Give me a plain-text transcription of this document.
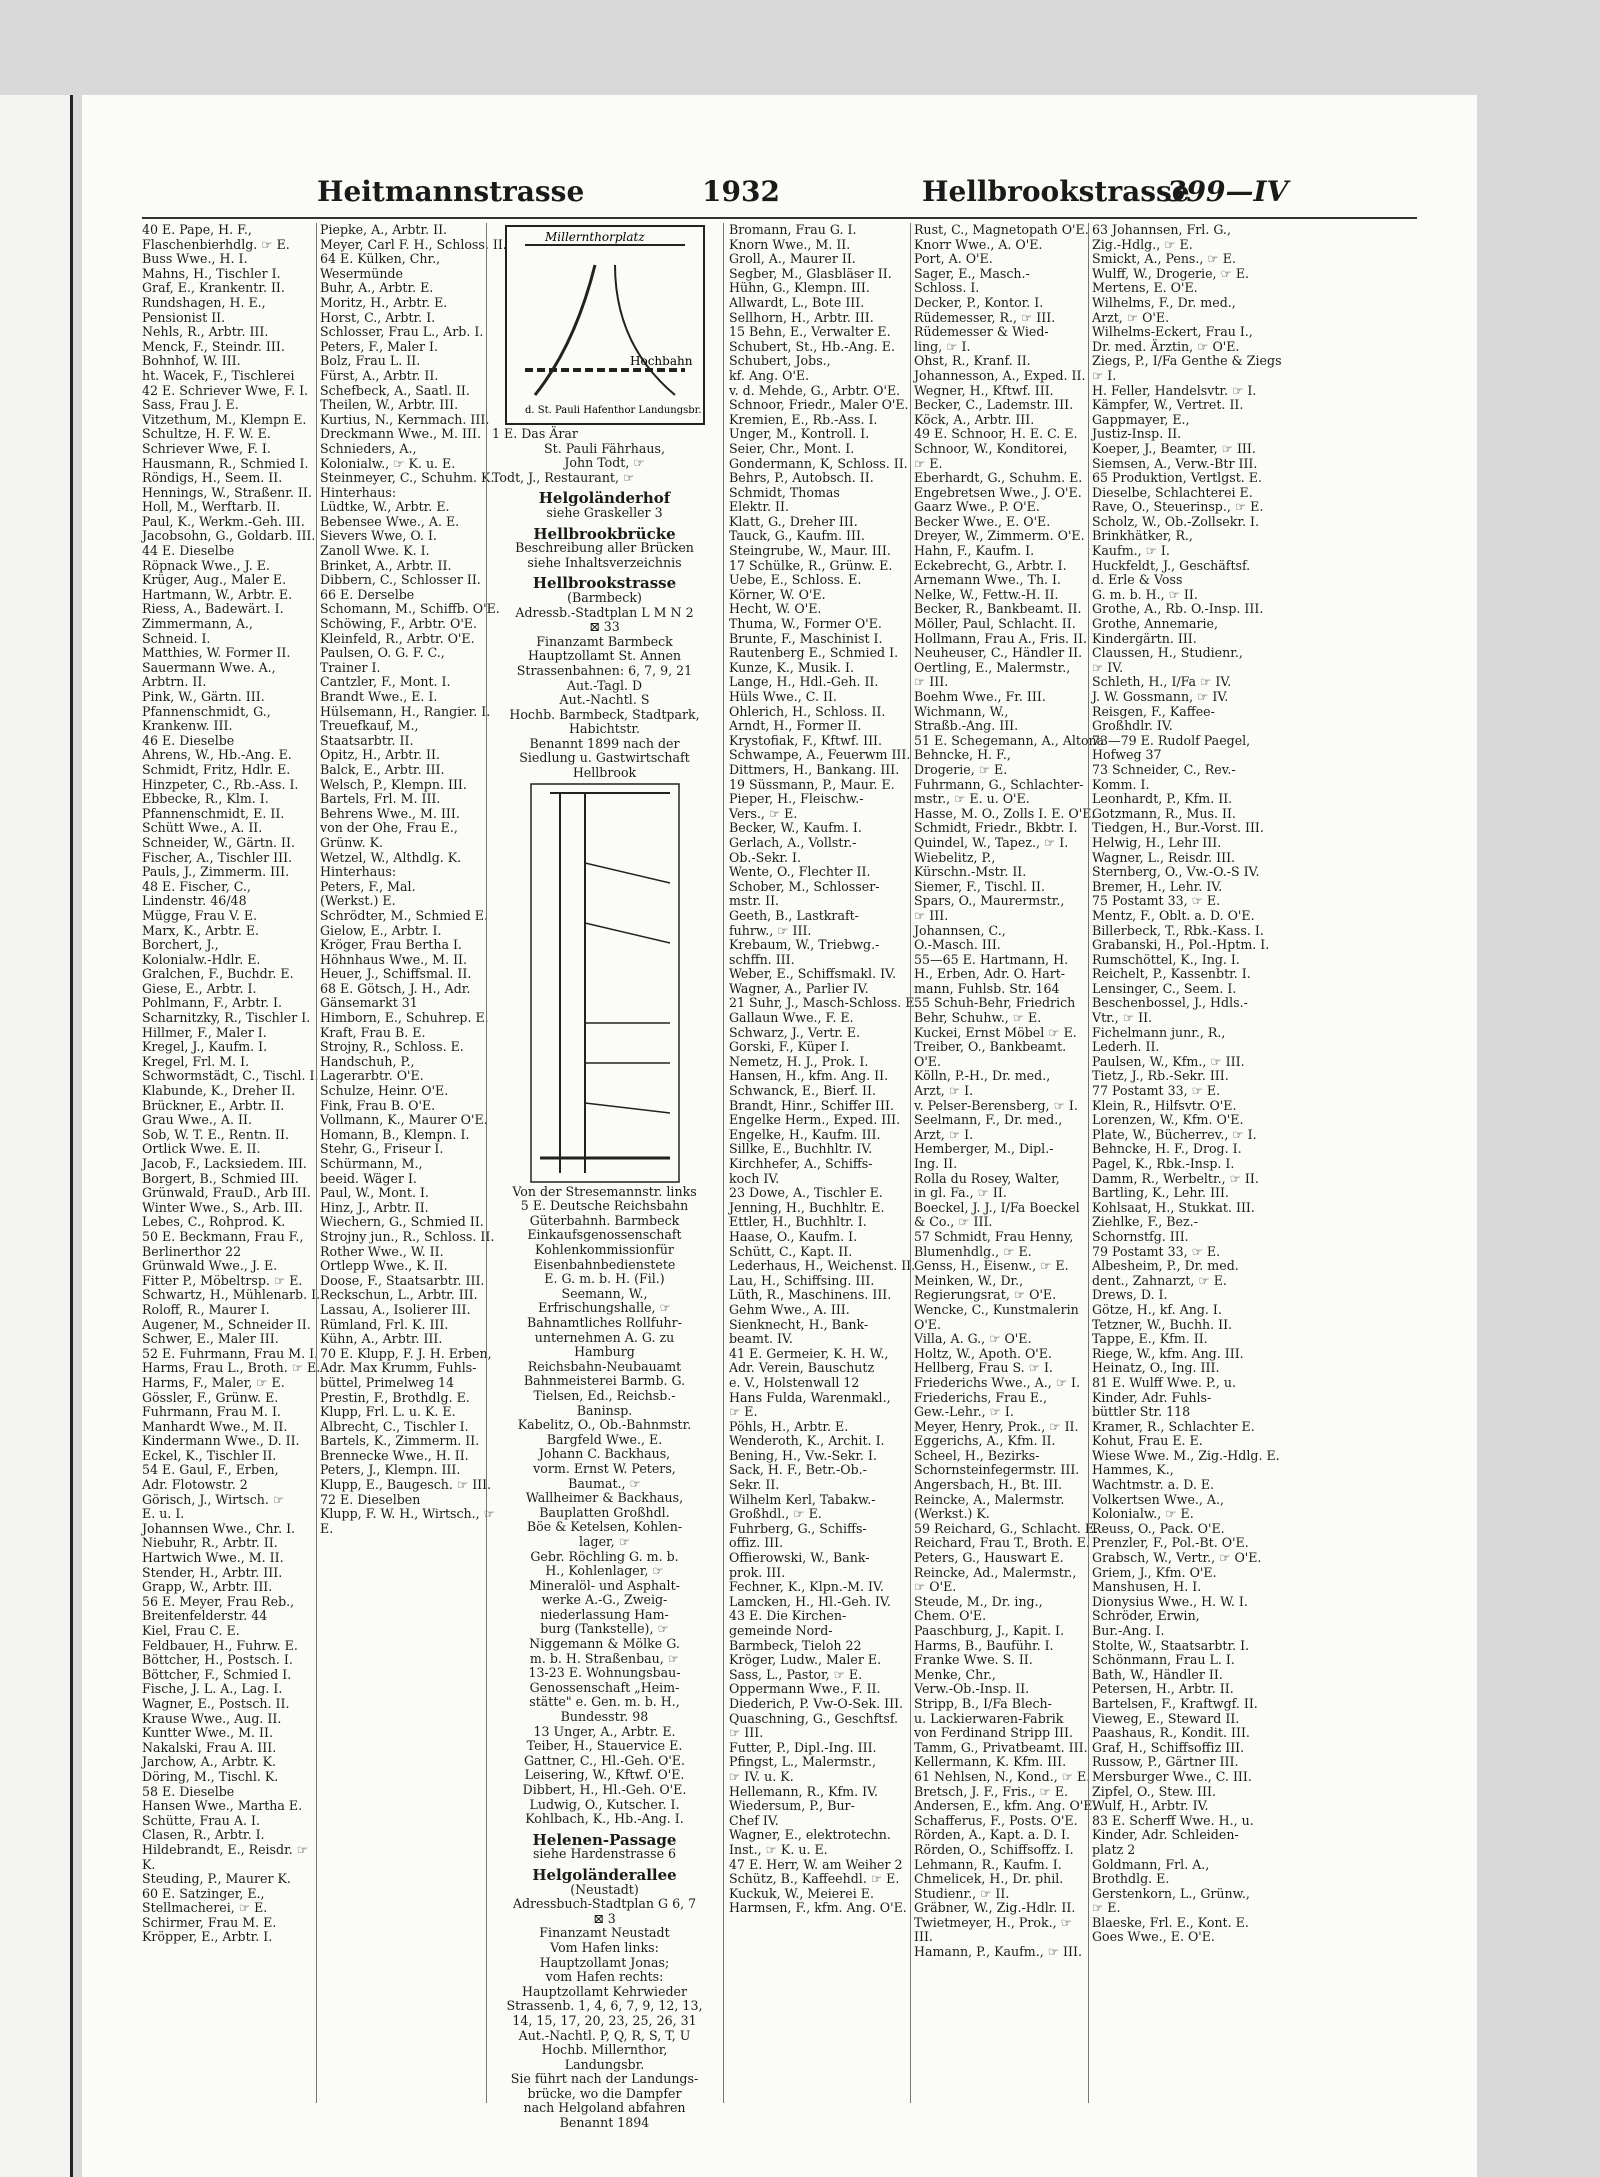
Heitmannstrasse	1932	Hellbrookstrasse
399—IV
40 E. Pape, H. F.,
Flaschenbierhdlg. ☞ E.
Buss Wwe., H. I.
Mahns, H., Tischler I.
Graf, E., Krankentr. II.
Rundshagen, H. E.,
Pensionist II.
Nehls, R., Arbtr. III.
Menck, F., Steindr. III.
Bohnhof, W. III.
ht. Wacek, F., Tischlerei
42 E. Schriever Wwe, F. I.
Sass, Frau J. E.
Vitzethum, M., Klempn E.
Schultze, H. F. W. E.
Schriever Wwe, F. I.
Hausmann, R., Schmied I.
Röndigs, H., Seem. II.
Hennings, W., Straßenr. II.
Holl, M., Werftarb. II.
Paul, K., Werkm.-Geh. III.
Jacobsohn, G., Goldarb. III.
44 E. Dieselbe
Röpnack Wwe., J. E.
Krüger, Aug., Maler E.
Hartmann, W., Arbtr. E.
Riess, A., Badewärt. I.
Zimmermann, A.,
Schneid. I.
Matthies, W. Former II.
Sauermann Wwe. A.,
Arbtrn. II.
Pink, W., Gärtn. III.
Pfannenschmidt, G.,
Krankenw. III.
46 E. Dieselbe
Ahrens, W., Hb.-Ang. E.
Schmidt, Fritz, Hdlr. E.
Hinzpeter, C., Rb.-Ass. I.
Ebbecke, R., Klm. I.
Pfannenschmidt, E. II.
Schütt Wwe., A. II.
Schneider, W., Gärtn. II.
Fischer, A., Tischler III.
Pauls, J., Zimmerm. III.
48 E. Fischer, C.,
Lindenstr. 46/48
Mügge, Frau V. E.
Marx, K., Arbtr. E.
Borchert, J.,
Kolonialw.-Hdlr. E.
Gralchen, F., Buchdr. E.
Giese, E., Arbtr. I.
Pohlmann, F., Arbtr. I.
Scharnitzky, R., Tischler I.
Hillmer, F., Maler I.
Kregel, J., Kaufm. I.
Kregel, Frl. M. I.
Schwormstädt, C., Tischl. I.
Klabunde, K., Dreher II.
Brückner, E., Arbtr. II.
Grau Wwe., A. II.
Sob, W. T. E., Rentn. II.
Ortlick Wwe. E. II.
Jacob, F., Lacksiedem. III.
Borgert, B., Schmied III.
Grünwald, FrauD., Arb III.
Winter Wwe., S., Arb. III.
Lebes, C., Rohprod. K.
50 E. Beckmann, Frau F.,
Berlinerthor 22
Grünwald Wwe., J. E.
Fitter P., Möbeltrsp. ☞ E.
Schwartz, H., Mühlenarb. I.
Roloff, R., Maurer I.
Augener, M., Schneider II.
Schwer, E., Maler III.
52 E. Fuhrmann, Frau M. I.
Harms, Frau L., Broth. ☞ E.
Harms, F., Maler, ☞ E.
Gössler, F., Grünw. E.
Fuhrmann, Frau M. I.
Manhardt Wwe., M. II.
Kindermann Wwe., D. II.
Eckel, K., Tischler II.
54 E. Gaul, F., Erben,
Adr. Flotowstr. 2
Görisch, J., Wirtsch. ☞
E. u. I.
Johannsen Wwe., Chr. I.
Niebuhr, R., Arbtr. II.
Hartwich Wwe., M. II.
Stender, H., Arbtr. III.
Grapp, W., Arbtr. III.
56 E. Meyer, Frau Reb.,
Breitenfelderstr. 44
Kiel, Frau C. E.
Feldbauer, H., Fuhrw. E.
Böttcher, H., Postsch. I.
Böttcher, F., Schmied I.
Fische, J. L. A., Lag. I.
Wagner, E., Postsch. II.
Krause Wwe., Aug. II.
Kuntter Wwe., M. II.
Nakalski, Frau A. III.
Jarchow, A., Arbtr. K.
Döring, M., Tischl. K.
58 E. Dieselbe
Hansen Wwe., Martha E.
Schütte, Frau A. I.
Clasen, R., Arbtr. I.
Hildebrandt, E., Reisdr. ☞
K.
Steuding, P., Maurer K.
60 E. Satzinger, E.,
Stellmacherei, ☞ E.
Schirmer, Frau M. E.
Kröpper, E., Arbtr. I.
Piepke, A., Arbtr. II.
Meyer, Carl F. H., Schloss. II.
64 E. Külken, Chr.,
Wesermünde
Buhr, A., Arbtr. E.
Moritz, H., Arbtr. E.
Horst, C., Arbtr. I.
Schlosser, Frau L., Arb. I.
Peters, F., Maler I.
Bolz, Frau L. II.
Fürst, A., Arbtr. II.
Schefbeck, A., Saatl. II.
Theilen, W., Arbtr. III.
Kurtius, N., Kernmach. III.
Dreckmann Wwe., M. III.
Schnieders, A.,
Kolonialw., ☞ K. u. E.
Steinmeyer, C., Schuhm. K.
Hinterhaus:
Lüdtke, W., Arbtr. E.
Bebensee Wwe., A. E.
Sievers Wwe, O. I.
Zanoll Wwe. K. I.
Brinket, A., Arbtr. II.
Dibbern, C., Schlosser II.
66 E. Derselbe
Schomann, M., Schiffb. O'E.
Schöwing, F., Arbtr. O'E.
Kleinfeld, R., Arbtr. O'E.
Paulsen, O. G. F. C.,
Trainer I.
Cantzler, F., Mont. I.
Brandt Wwe., E. I.
Hülsemann, H., Rangier. I.
Treuefkauf, M.,
Staatsarbtr. II.
Opitz, H., Arbtr. II.
Balck, E., Arbtr. III.
Welsch, P., Klempn. III.
Bartels, Frl. M. III.
Behrens Wwe., M. III.
von der Ohe, Frau E.,
Grünw. K.
Wetzel, W., Althdlg. K.
Hinterhaus:
Peters, F., Mal.
(Werkst.) E.
Schrödter, M., Schmied E.
Gielow, E., Arbtr. I.
Kröger, Frau Bertha I.
Höhnhaus Wwe., M. II.
Heuer, J., Schiffsmal. II.
68 E. Götsch, J. H., Adr.
Gänsemarkt 31
Himborn, E., Schuhrep. E.
Kraft, Frau B. E.
Strojny, R., Schloss. E.
Handschuh, P.,
Lagerarbtr. O'E.
Schulze, Heinr. O'E.
Fink, Frau B. O'E.
Vollmann, K., Maurer O'E.
Homann, B., Klempn. I.
Stehr, G., Friseur I.
Schürmann, M.,
beeid. Wäger I.
Paul, W., Mont. I.
Hinz, J., Arbtr. II.
Wiechern, G., Schmied II.
Strojny jun., R., Schloss. II.
Rother Wwe., W. II.
Ortlepp Wwe., K. II.
Doose, F., Staatsarbtr. III.
Reckschun, L., Arbtr. III.
Lassau, A., Isolierer III.
Rümland, Frl. K. III.
Kühn, A., Arbtr. III.
70 E. Klupp, F. J. H. Erben,
Adr. Max Krumm, Fuhls-
büttel, Primelweg 14
Prestin, F., Brothdlg. E.
Klupp, Frl. L. u. K. E.
Albrecht, C., Tischler I.
Bartels, K., Zimmerm. II.
Brennecke Wwe., H. II.
Peters, J., Klempn. III.
Klupp, E., Baugesch. ☞ III.
72 E. Dieselben
Klupp, F. W. H., Wirtsch., ☞
E.
Millernthorplatz
Hochbahn
d. St. Pauli Hafenthor Landungsbr.
1 E. Das Ärar
St. Pauli Fährhaus,
John Todt, ☞
Todt, J., Restaurant, ☞
Helgoländerhof
siehe Graskeller 3
Hellbrookbrücke
Beschreibung aller Brücken
siehe Inhaltsverzeichnis
Hellbrookstrasse
(Barmbeck)
Adressb.-Stadtplan L M N 2
⊠ 33
Finanzamt Barmbeck
Hauptzollamt St. Annen
Strassenbahnen: 6, 7, 9, 21
Aut.-Tagl. D
Aut.-Nachtl. S
Hochb. Barmbeck, Stadtpark,
Habichtstr.
Benannt 1899 nach der
Siedlung u. Gastwirtschaft
Hellbrook
Von der Stresemannstr. links
5 E. Deutsche Reichsbahn
Güterbahnh. Barmbeck
Einkaufsgenossenschaft
Kohlenkommissionfür
Eisenbahnbedienstete
E. G. m. b. H. (Fil.)
Seemann, W.,
Erfrischungshalle, ☞
Bahnamtliches Rollfuhr-
unternehmen A. G. zu
Hamburg
Reichsbahn-Neubauamt
Bahnmeisterei Barmb. G.
Tielsen, Ed., Reichsb.-
Baninsp.
Kabelitz, O., Ob.-Bahnmstr.
Bargfeld Wwe., E.
Johann C. Backhaus,
vorm. Ernst W. Peters,
Baumat., ☞
Wallheimer & Backhaus,
Bauplatten Großhdl.
Böe & Ketelsen, Kohlen-
lager, ☞
Gebr. Röchling G. m. b.
H., Kohlenlager, ☞
Mineralöl- und Asphalt-
werke A.-G., Zweig-
niederlassung Ham-
burg (Tankstelle), ☞
Niggemann & Mölke G.
m. b. H. Straßenbau, ☞
13-23 E. Wohnungsbau-
Genossenschaft „Heim-
stätte" e. Gen. m. b. H.,
Bundesstr. 98
13 Unger, A., Arbtr. E.
Teiber, H., Stauervice E.
Gattner, C., Hl.-Geh. O'E.
Leisering, W., Kftwf. O'E.
Dibbert, H., Hl.-Geh. O'E.
Ludwig, O., Kutscher. I.
Kohlbach, K., Hb.-Ang. I.
Helenen-Passage
siehe Hardenstrasse 6
Helgoländerallee
(Neustadt)
Adressbuch-Stadtplan G 6, 7
⊠ 3
Finanzamt Neustadt
Vom Hafen links:
Hauptzollamt Jonas;
vom Hafen rechts:
Hauptzollamt Kehrwieder
Strassenb. 1, 4, 6, 7, 9, 12, 13,
14, 15, 17, 20, 23, 25, 26, 31
Aut.-Nachtl. P, Q, R, S, T, U
Hochb. Millernthor,
Landungsbr.
Sie führt nach der Landungs-
brücke, wo die Dampfer
nach Helgoland abfahren
Benannt 1894
Bromann, Frau G. I.
Knorn Wwe., M. II.
Groll, A., Maurer II.
Segber, M., Glasbläser II.
Hühn, G., Klempn. III.
Allwardt, L., Bote III.
Sellhorn, H., Arbtr. III.
15 Behn, E., Verwalter E.
Schubert, St., Hb.-Ang. E.
Schubert, Jobs.,
kf. Ang. O'E.
v. d. Mehde, G., Arbtr. O'E.
Schnoor, Friedr., Maler O'E.
Kremien, E., Rb.-Ass. I.
Unger, M., Kontroll. I.
Seier, Chr., Mont. I.
Gondermann, K, Schloss. II.
Behrs, P., Autobsch. II.
Schmidt, Thomas
Elektr. II.
Klatt, G., Dreher III.
Tauck, G., Kaufm. III.
Steingrube, W., Maur. III.
17 Schülke, R., Grünw. E.
Uebe, E., Schloss. E.
Körner, W. O'E.
Hecht, W. O'E.
Thuma, W., Former O'E.
Brunte, F., Maschinist I.
Rautenberg E., Schmied I.
Kunze, K., Musik. I.
Lange, H., Hdl.-Geh. II.
Hüls Wwe., C. II.
Ohlerich, H., Schloss. II.
Arndt, H., Former II.
Krystofiak, F., Kftwf. III.
Schwampe, A., Feuerwm III.
Dittmers, H., Bankang. III.
19 Süssmann, P., Maur. E.
Pieper, H., Fleischw.-
Vers., ☞ E.
Becker, W., Kaufm. I.
Gerlach, A., Vollstr.-
Ob.-Sekr. I.
Wente, O., Flechter II.
Schober, M., Schlosser-
mstr. II.
Geeth, B., Lastkraft-
fuhrw., ☞ III.
Krebaum, W., Triebwg.-
schffn. III.
Weber, E., Schiffsmakl. IV.
Wagner, A., Parlier IV.
21 Suhr, J., Masch-Schloss. E.
Gallaun Wwe., F. E.
Schwarz, J., Vertr. E.
Gorski, F., Küper I.
Nemetz, H. J., Prok. I.
Hansen, H., kfm. Ang. II.
Schwanck, E., Bierf. II.
Brandt, Hinr., Schiffer III.
Engelke Herm., Exped. III.
Engelke, H., Kaufm. III.
Sillke, E., Buchhltr. IV.
Kirchhefer, A., Schiffs-
koch IV.
23 Dowe, A., Tischler E.
Jenning, H., Buchhltr. E.
Ettler, H., Buchhltr. I.
Haase, O., Kaufm. I.
Schütt, C., Kapt. II.
Lederhaus, H., Weichenst. II.
Lau, H., Schiffsing. III.
Lüth, R., Maschinens. III.
Gehm Wwe., A. III.
Sienknecht, H., Bank-
beamt. IV.
41 E. Germeier, K. H. W.,
Adr. Verein, Bauschutz
e. V., Holstenwall 12
Hans Fulda, Warenmakl.,
☞ E.
Pöhls, H., Arbtr. E.
Wenderoth, K., Archit. I.
Bening, H., Vw.-Sekr. I.
Sack, H. F., Betr.-Ob.-
Sekr. II.
Wilhelm Kerl, Tabakw.-
Großhdl., ☞ E.
Fuhrberg, G., Schiffs-
offiz. III.
Offierowski, W., Bank-
prok. III.
Fechner, K., Klpn.-M. IV.
Lamcken, H., Hl.-Geh. IV.
43 E. Die Kirchen-
gemeinde Nord-
Barmbeck, Tieloh 22
Kröger, Ludw., Maler E.
Sass, L., Pastor, ☞ E.
Oppermann Wwe., F. II.
Diederich, P. Vw-O-Sek. III.
Quaschning, G., Geschftsf.
☞ III.
Futter, P., Dipl.-Ing. III.
Pfingst, L., Malermstr.,
☞ IV. u. K.
Hellemann, R., Kfm. IV.
Wiedersum, P., Bur-
Chef IV.
Wagner, E., elektrotechn.
Inst., ☞ K. u. E.
47 E. Herr, W. am Weiher 2
Schütz, B., Kaffeehdl. ☞ E.
Kuckuk, W., Meierei E.
Harmsen, F., kfm. Ang. O'E.
Rust, C., Magnetopath O'E.
Knorr Wwe., A. O'E.
Port, A. O'E.
Sager, E., Masch.-
Schloss. I.
Decker, P., Kontor. I.
Rüdemesser, R., ☞ III.
Rüdemesser & Wied-
ling, ☞ I.
Ohst, R., Kranf. II.
Johannesson, A., Exped. II.
Wegner, H., Kftwf. III.
Becker, C., Lademstr. III.
Köck, A., Arbtr. III.
49 E. Schnoor, H. E. C. E.
Schnoor, W., Konditorei,
☞ E.
Eberhardt, G., Schuhm. E.
Engebretsen Wwe., J. O'E.
Gaarz Wwe., P. O'E.
Becker Wwe., E. O'E.
Dreyer, W., Zimmerm. O'E.
Hahn, F., Kaufm. I.
Eckebrecht, G., Arbtr. I.
Arnemann Wwe., Th. I.
Nelke, W., Fettw.-H. II.
Becker, R., Bankbeamt. II.
Möller, Paul, Schlacht. II.
Hollmann, Frau A., Fris. II.
Neuheuser, C., Händler II.
Oertling, E., Malermstr.,
☞ III.
Boehm Wwe., Fr. III.
Wichmann, W.,
Straßb.-Ang. III.
51 E. Schegemann, A., Altona
Behncke, H. F.,
Drogerie, ☞ E.
Fuhrmann, G., Schlachter-
mstr., ☞ E. u. O'E.
Hasse, M. O., Zolls I. E. O'E.
Schmidt, Friedr., Bkbtr. I.
Quindel, W., Tapez., ☞ I.
Wiebelitz, P.,
Kürschn.-Mstr. II.
Siemer, F., Tischl. II.
Spars, O., Maurermstr.,
☞ III.
Johannsen, C.,
O.-Masch. III.
55—65 E. Hartmann, H.
H., Erben, Adr. O. Hart-
mann, Fuhlsb. Str. 164
55 Schuh-Behr, Friedrich
Behr, Schuhw., ☞ E.
Kuckei, Ernst Möbel ☞ E.
Treiber, O., Bankbeamt.
O'E.
Kölln, P.-H., Dr. med.,
Arzt, ☞ I.
v. Pelser-Berensberg, ☞ I.
Seelmann, F., Dr. med.,
Arzt, ☞ I.
Hemberger, M., Dipl.-
Ing. II.
Rolla du Rosey, Walter,
in gl. Fa., ☞ II.
Boeckel, J. J., I/Fa Boeckel
& Co., ☞ III.
57 Schmidt, Frau Henny,
Blumenhdlg., ☞ E.
Genss, H., Eisenw., ☞ E.
Meinken, W., Dr.,
Regierungsrat, ☞ O'E.
Wencke, C., Kunstmalerin
O'E.
Villa, A. G., ☞ O'E.
Holtz, W., Apoth. O'E.
Hellberg, Frau S. ☞ I.
Friederichs Wwe., A., ☞ I.
Friederichs, Frau E.,
Gew.-Lehr., ☞ I.
Meyer, Henry, Prok., ☞ II.
Eggerichs, A., Kfm. II.
Scheel, H., Bezirks-
Schornsteinfegermstr. III.
Angersbach, H., Bt. III.
Reincke, A., Malermstr.
(Werkst.) K.
59 Reichard, G., Schlacht. E.
Reichard, Frau T., Broth. E.
Peters, G., Hauswart E.
Reincke, Ad., Malermstr.,
☞ O'E.
Steude, M., Dr. ing.,
Chem. O'E.
Paaschburg, J., Kapit. I.
Harms, B., Bauführ. I.
Franke Wwe. S. II.
Menke, Chr.,
Verw.-Ob.-Insp. II.
Stripp, B., I/Fa Blech-
u. Lackierwaren-Fabrik
von Ferdinand Stripp III.
Tamm, G., Privatbeamt. III.
Kellermann, K. Kfm. III.
61 Nehlsen, N., Kond., ☞ E.
Bretsch, J. F., Fris., ☞ E.
Andersen, E., kfm. Ang. O'E.
Schafferus, F., Posts. O'E.
Rörden, A., Kapt. a. D. I.
Rörden, O., Schiffsoffz. I.
Lehmann, R., Kaufm. I.
Chmelicek, H., Dr. phil.
Studienr., ☞ II.
Gräbner, W., Zig.-Hdlr. II.
Twietmeyer, H., Prok., ☞
III.
Hamann, P., Kaufm., ☞ III.
63 Johannsen, Frl. G.,
Zig.-Hdlg., ☞ E.
Smickt, A., Pens., ☞ E.
Wulff, W., Drogerie, ☞ E.
Mertens, E. O'E.
Wilhelms, F., Dr. med.,
Arzt, ☞ O'E.
Wilhelms-Eckert, Frau I.,
Dr. med. Ärztin, ☞ O'E.
Ziegs, P., I/Fa Genthe & Ziegs
☞ I.
H. Feller, Handelsvtr. ☞ I.
Kämpfer, W., Vertret. II.
Gappmayer, E.,
Justiz-Insp. II.
Koeper, J., Beamter, ☞ III.
Siemsen, A., Verw.-Btr III.
65 Produktion, Vertlgst. E.
Dieselbe, Schlachterei E.
Rave, O., Steuerinsp., ☞ E.
Scholz, W., Ob.-Zollsekr. I.
Brinkhätker, R.,
Kaufm., ☞ I.
Huckfeldt, J., Geschäftsf.
d. Erle & Voss
G. m. b. H., ☞ II.
Grothe, A., Rb. O.-Insp. III.
Grothe, Annemarie,
Kindergärtn. III.
Claussen, H., Studienr.,
☞ IV.
Schleth, H., I/Fa ☞ IV.
J. W. Gossmann, ☞ IV.
Reisgen, F., Kaffee-
Großhdlr. IV.
73—79 E. Rudolf Paegel,
Hofweg 37
73 Schneider, C., Rev.-
Komm. I.
Leonhardt, P., Kfm. II.
Gotzmann, R., Mus. II.
Tiedgen, H., Bur.-Vorst. III.
Helwig, H., Lehr III.
Wagner, L., Reisdr. III.
Sternberg, O., Vw.-O.-S IV.
Bremer, H., Lehr. IV.
75 Postamt 33, ☞ E.
Mentz, F., Oblt. a. D. O'E.
Billerbeck, T., Rbk.-Kass. I.
Grabanski, H., Pol.-Hptm. I.
Rumschöttel, K., Ing. I.
Reichelt, P., Kassenbtr. I.
Lensinger, C., Seem. I.
Beschenbossel, J., Hdls.-
Vtr., ☞ II.
Fichelmann junr., R.,
Lederh. II.
Paulsen, W., Kfm., ☞ III.
Tietz, J., Rb.-Sekr. III.
77 Postamt 33, ☞ E.
Klein, R., Hilfsvtr. O'E.
Lorenzen, W., Kfm. O'E.
Plate, W., Bücherrev., ☞ I.
Behncke, H. F., Drog. I.
Pagel, K., Rbk.-Insp. I.
Damm, R., Werbeltr., ☞ II.
Bartling, K., Lehr. III.
Kohlsaat, H., Stukkat. III.
Ziehlke, F., Bez.-
Schornstfg. III.
79 Postamt 33, ☞ E.
Albesheim, P., Dr. med.
dent., Zahnarzt, ☞ E.
Drews, D. I.
Götze, H., kf. Ang. I.
Tetzner, W., Buchh. II.
Tappe, E., Kfm. II.
Riege, W., kfm. Ang. III.
Heinatz, O., Ing. III.
81 E. Wulff Wwe. P., u.
Kinder, Adr. Fuhls-
büttler Str. 118
Kramer, R., Schlachter E.
Kohut, Frau E. E.
Wiese Wwe. M., Zig.-Hdlg. E.
Hammes, K.,
Wachtmstr. a. D. E.
Volkertsen Wwe., A.,
Kolonialw., ☞ E.
Reuss, O., Pack. O'E.
Prenzler, F., Pol.-Bt. O'E.
Grabsch, W., Vertr., ☞ O'E.
Griem, J., Kfm. O'E.
Manshusen, H. I.
Dionysius Wwe., H. W. I.
Schröder, Erwin,
Bur.-Ang. I.
Stolte, W., Staatsarbtr. I.
Schönmann, Frau L. I.
Bath, W., Händler II.
Petersen, H., Arbtr. II.
Bartelsen, F., Kraftwgf. II.
Vieweg, E., Steward II.
Paashaus, R., Kondit. III.
Graf, H., Schiffsoffiz III.
Russow, P., Gärtner III.
Mersburger Wwe., C. III.
Zipfel, O., Stew. III.
Wulf, H., Arbtr. IV.
83 E. Scherff Wwe. H., u.
Kinder, Adr. Schleiden-
platz 2
Goldmann, Frl. A.,
Brothdlg. E.
Gerstenkorn, L., Grünw.,
☞ E.
Blaeske, Frl. E., Kont. E.
Goes Wwe., E. O'E.
